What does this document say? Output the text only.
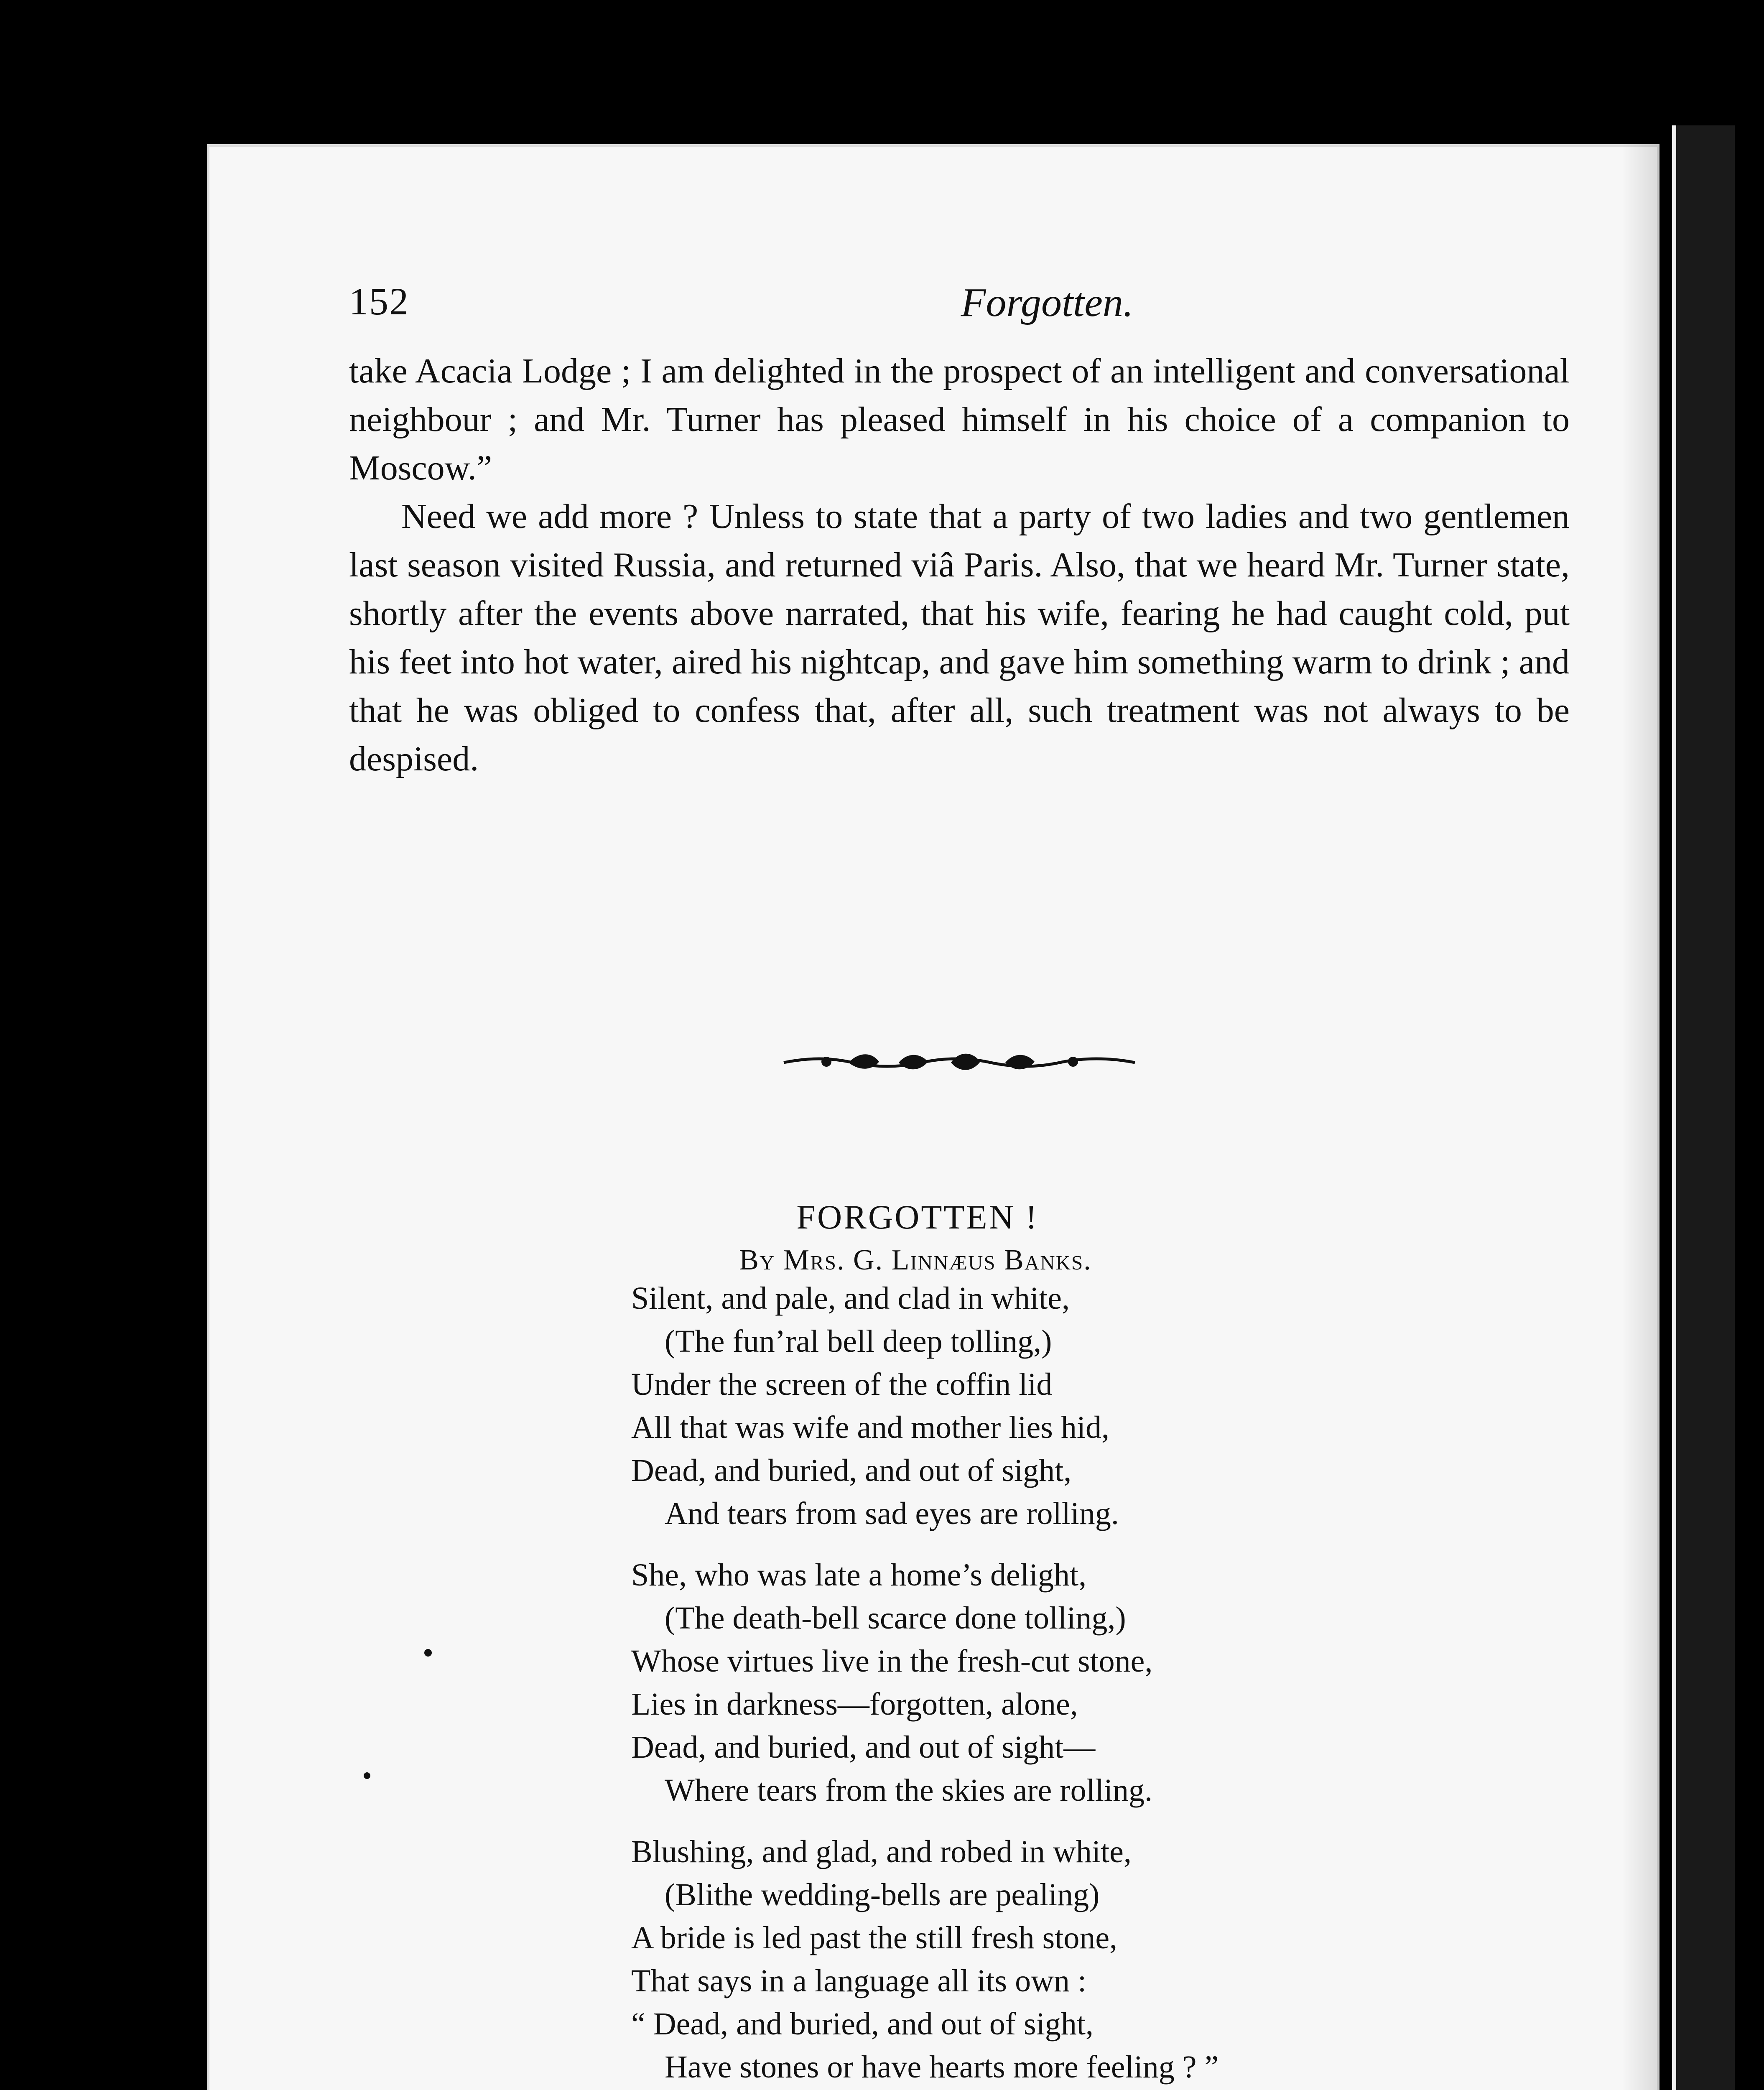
152	Forgotten.

take Acacia Lodge ; I am delighted in the prospect of an intelligent and conversational neighbour ; and Mr. Turner has pleased himself in his choice of a companion to Moscow.”

Need we add more ? Unless to state that a party of two ladies and two gentlemen last season visited Russia, and returned viâ Paris. Also, that we heard Mr. Turner state, shortly after the events above narrated, that his wife, fearing he had caught cold, put his feet into hot water, aired his nightcap, and gave him something warm to drink ; and that he was obliged to confess that, after all, such treatment was not always to be despised.

FORGOTTEN !
By Mrs. G. Linnæus Banks.
Silent, and pale, and clad in white,
(The fun’ral bell deep tolling,)
Under the screen of the coffin lid
All that was wife and mother lies hid,
Dead, and buried, and out of sight,
And tears from sad eyes are rolling.
She, who was late a home’s delight,
(The death-bell scarce done tolling,)
Whose virtues live in the fresh-cut stone,
Lies in darkness—forgotten, alone,
Dead, and buried, and out of sight—
Where tears from the skies are rolling.
Blushing, and glad, and robed in white,
(Blithe wedding-bells are pealing)
A bride is led past the still fresh stone,
That says in a language all its own :
“ Dead, and buried, and out of sight,
Have stones or have hearts more feeling ? ”
